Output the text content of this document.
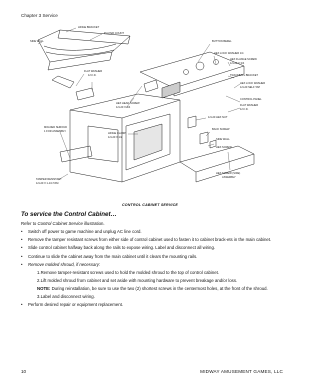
Chapter 3 Service
HINGE BRACKET
PLAYER COUNT
SIDE WALL
FLAT WASHER
1/4 I.D.
HEX HEAD SCREW
1/4-20 X 3/4
MOLDED SHROUD
1 FOR ASSEMBLY
TAMPER RESISTANT
1/4-20 X 1-1/4 TAM
HINGE CLAMP
1/4-20 X 1/2
BUTTON BEZEL
HEX LOCK WASHER 1/4
HEX FLANGE SCREW
1/4-20 X 3/4
TRACKBALL BRACKET
HEX LOCK WASHER
1/4-20 SELF TAP
CONTROL PANEL
FLAT WASHER
1/4 I.D.
1/4-20 HEX NUT
BACK SCREW
SIDE WALL
HEX SCREW
HEX SCREW (SIDE)
ASSEMBLY
CONTROL CABINET SERVICE
To service the Control Cabinet…

Refer to Control Cabinet Service illustration.

• Switch off power to game machine and unplug AC line cord.
• Remove the tamper resistant screws from either side of control cabinet used to fasten it to cabinet brack-ets in the main cabinet.
• Slide control cabinet halfway back along the rails to expose wiring. Label and disconnect all wiring.
• Continue to slide the cabinet away from the main cabinet until it clears the mounting rails.
• Remove molded shroud, if necessary:

1.Remove tamper-resistant screws used to hold the molded shroud to the top of control cabinet.

2.Lift molded shroud from cabinet and set aside with mounting hardware to prevent breakage and/or loss.

NOTE: During reinstallation, be sure to use the two (2) shortest screws in the centermost holes, at the front of the shroud.

3.Label and disconnect wiring.

• Perform desired repair or equipment replacement.
10	MIDWAY AMUSEMENT GAMES, LLC
